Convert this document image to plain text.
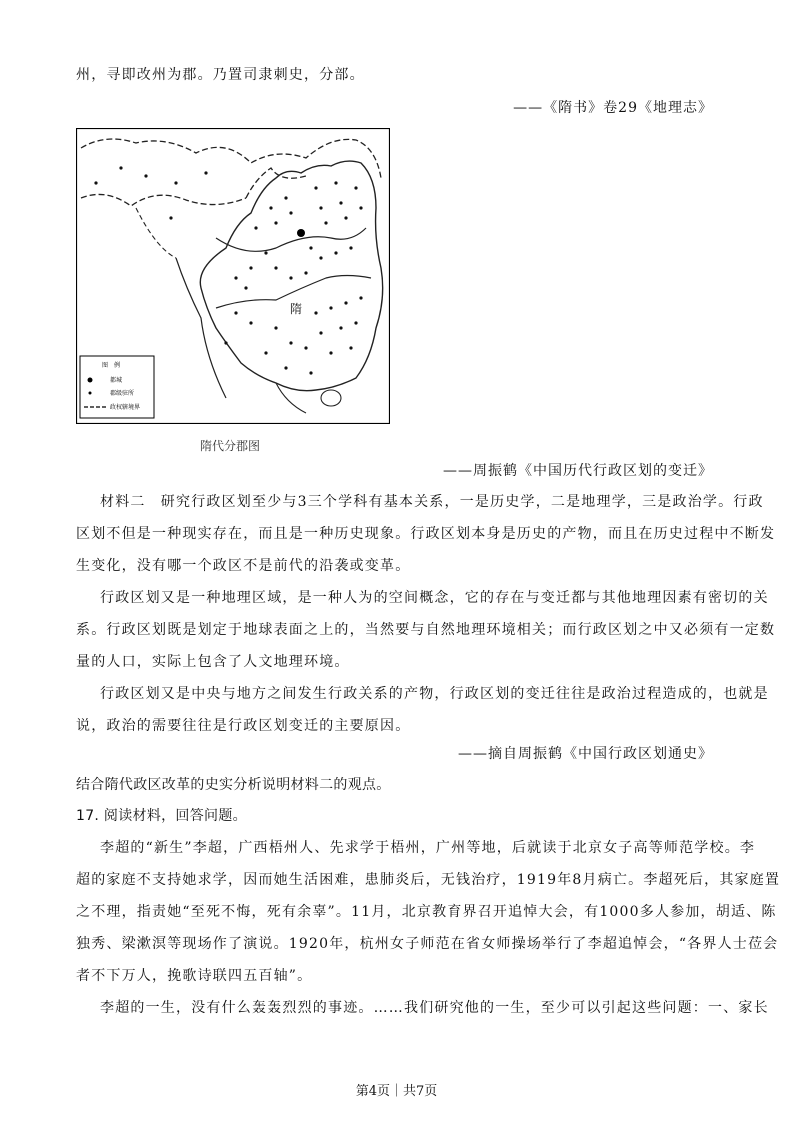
州，寻即改州为郡。乃置司隶刺史，分部。
——《隋书》卷29《地理志》
隋
图　例
都城
郡级驻所
政权辖境界
隋代分郡图
——周振鹤《中国历代行政区划的变迁》
材料二　研究行政区划至少与3三个学科有基本关系，一是历史学，二是地理学，三是政治学。行政
区划不但是一种现实存在，而且是一种历史现象。行政区划本身是历史的产物，而且在历史过程中不断发
生变化，没有哪一个政区不是前代的沿袭或变革。
行政区划又是一种地理区域，是一种人为的空间概念，它的存在与变迁都与其他地理因素有密切的关
系。行政区划既是划定于地球表面之上的，当然要与自然地理环境相关；而行政区划之中又必须有一定数
量的人口，实际上包含了人文地理环境。
行政区划又是中央与地方之间发生行政关系的产物，行政区划的变迁往往是政治过程造成的，也就是
说，政治的需要往往是行政区划变迁的主要原因。
——摘自周振鹤《中国行政区划通史》
结合隋代政区改革的史实分析说明材料二的观点。
17. 阅读材料，回答问题。
李超的“新生”李超，广西梧州人、先求学于梧州，广州等地，后就读于北京女子高等师范学校。李
超的家庭不支持她求学，因而她生活困难，患肺炎后，无钱治疗，1919年8月病亡。李超死后，其家庭置
之不理，指责她“至死不悔，死有余辜”。11月，北京教育界召开追悼大会，有1000多人参加，胡适、陈
独秀、梁漱溟等现场作了演说。1920年，杭州女子师范在省女师操场举行了李超追悼会，“各界人士莅会
者不下万人，挽歌诗联四五百轴”。
李超的一生，没有什么轰轰烈烈的事迹。……我们研究他的一生，至少可以引起这些问题：一、家长
第4页｜共7页
